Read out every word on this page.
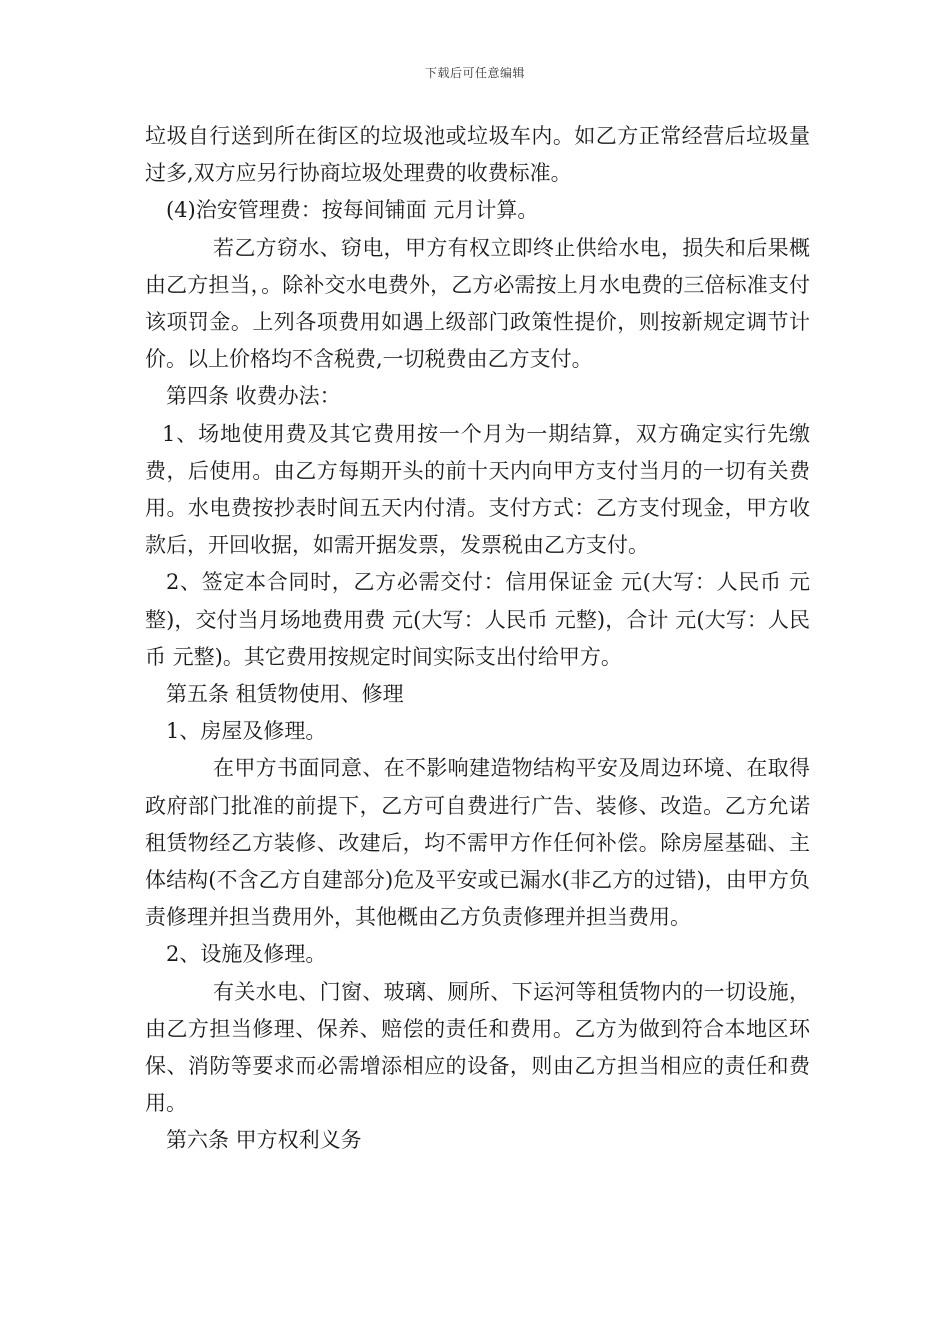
下载后可任意编辑

垃圾自行送到所在街区的垃圾池或垃圾车内。如乙方正常经营后垃圾量过多,双方应另行协商垃圾处理费的收费标准。

(4)治安管理费：按每间铺面 元月计算。

若乙方窃水、窃电，甲方有权立即终止供给水电，损失和后果概由乙方担当，。除补交水电费外，乙方必需按上月水电费的三倍标准支付该项罚金。上列各项费用如遇上级部门政策性提价，则按新规定调节计价。以上价格均不含税费,一切税费由乙方支付。

第四条 收费办法：

1、场地使用费及其它费用按一个月为一期结算，双方确定实行先缴费，后使用。由乙方每期开头的前十天内向甲方支付当月的一切有关费用。水电费按抄表时间五天内付清。支付方式：乙方支付现金，甲方收款后，开回收据，如需开据发票，发票税由乙方支付。

2、签定本合同时，乙方必需交付：信用保证金 元(大写：人民币 元整)，交付当月场地费用费 元(大写：人民币 元整)，合计 元(大写：人民币 元整)。其它费用按规定时间实际支出付给甲方。

第五条 租赁物使用、修理

1、房屋及修理。

在甲方书面同意、在不影响建造物结构平安及周边环境、在取得政府部门批准的前提下，乙方可自费进行广告、装修、改造。乙方允诺租赁物经乙方装修、改建后，均不需甲方作任何补偿。除房屋基础、主体结构(不含乙方自建部分)危及平安或已漏水(非乙方的过错)，由甲方负责修理并担当费用外，其他概由乙方负责修理并担当费用。

2、设施及修理。

有关水电、门窗、玻璃、厕所、下运河等租赁物内的一切设施，由乙方担当修理、保养、赔偿的责任和费用。乙方为做到符合本地区环保、消防等要求而必需增添相应的设备，则由乙方担当相应的责任和费用。

第六条 甲方权利义务
